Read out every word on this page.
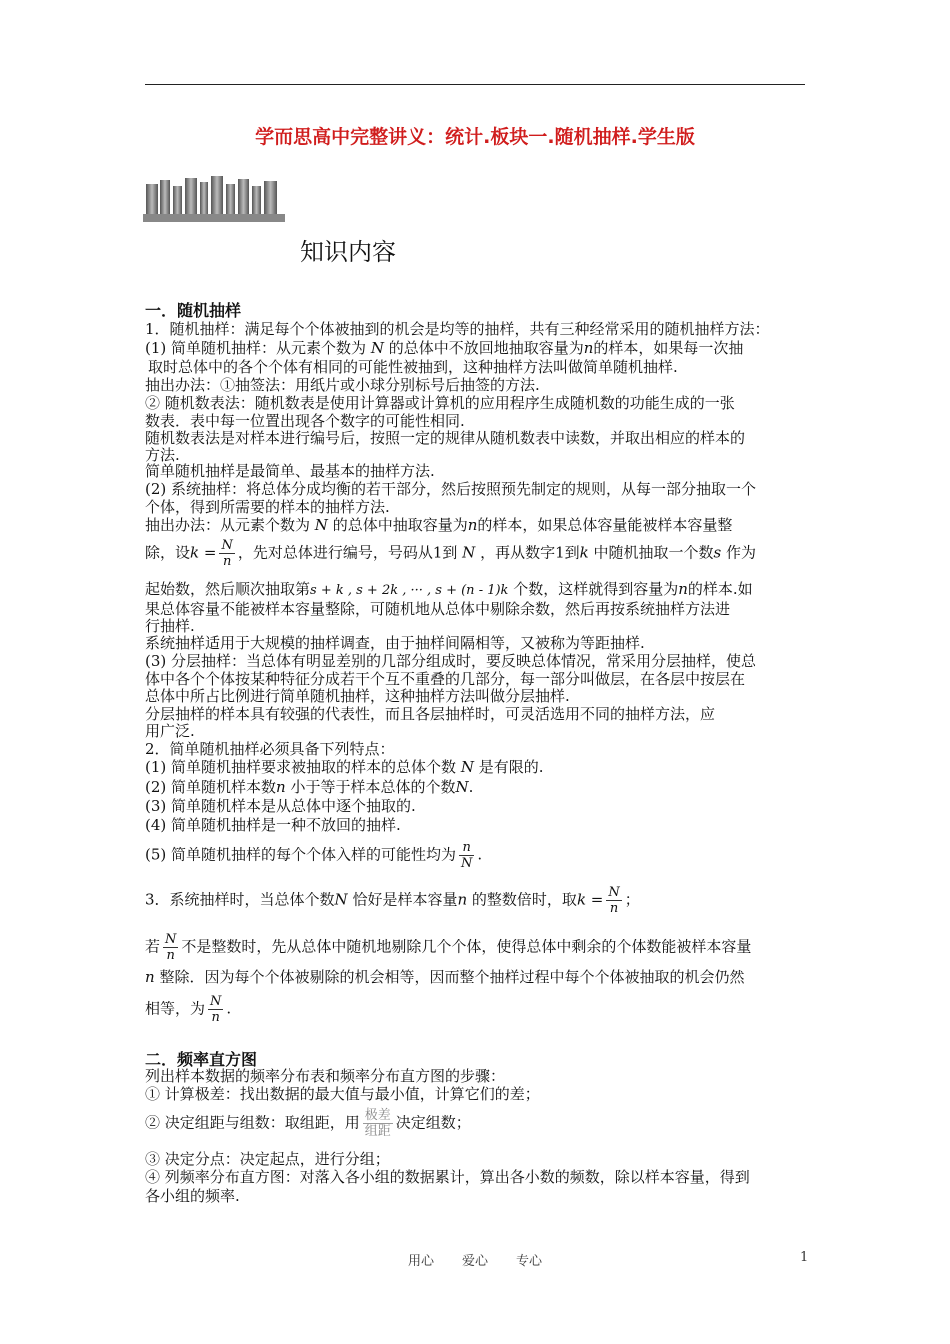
学而思高中完整讲义：统计.板块一.随机抽样.学生版
知识内容
一．随机抽样
1．随机抽样：满足每个个体被抽到的机会是均等的抽样，共有三种经常采用的随机抽样方法：
(1) 简单随机抽样：从元素个数为 N 的总体中不放回地抽取容量为n的样本，如果每一次抽
取时总体中的各个个体有相同的可能性被抽到，这种抽样方法叫做简单随机抽样.
抽出办法：①抽签法：用纸片或小球分别标号后抽签的方法.
② 随机数表法：随机数表是使用计算器或计算机的应用程序生成随机数的功能生成的一张
数表．表中每一位置出现各个数字的可能性相同.
随机数表法是对样本进行编号后，按照一定的规律从随机数表中读数，并取出相应的样本的
方法.
简单随机抽样是最简单、最基本的抽样方法.
(2) 系统抽样：将总体分成均衡的若干部分，然后按照预先制定的规则，从每一部分抽取一个
个体，得到所需要的样本的抽样方法.
抽出办法：从元素个数为 N 的总体中抽取容量为n的样本，如果总体容量能被样本容量整
除，设$k = \frac{N}{n}$ ，先对总体进行编号，号码从1到 N ，再从数字1到k 中随机抽取一个数s 作为
起始数，然后顺次抽取第s + k , s + 2k , ··· , s + (n - 1)k 个数，这样就得到容量为n的样本.如
果总体容量不能被样本容量整除，可随机地从总体中剔除余数，然后再按系统抽样方法进
行抽样.
系统抽样适用于大规模的抽样调查，由于抽样间隔相等，又被称为等距抽样.
(3) 分层抽样：当总体有明显差别的几部分组成时，要反映总体情况，常采用分层抽样，使总
体中各个个体按某种特征分成若干个互不重叠的几部分，每一部分叫做层，在各层中按层在
总体中所占比例进行简单随机抽样，这种抽样方法叫做分层抽样.
分层抽样的样本具有较强的代表性，而且各层抽样时，可灵活选用不同的抽样方法，应
用广泛.
2．简单随机抽样必须具备下列特点：
(1) 简单随机抽样要求被抽取的样本的总体个数 N 是有限的.
(2) 简单随机样本数n 小于等于样本总体的个数N.
(3) 简单随机样本是从总体中逐个抽取的.
(4) 简单随机抽样是一种不放回的抽样.
(5) 简单随机抽样的每个个体入样的可能性均为 $\frac{n}{N}$ .
3．系统抽样时，当总体个数N 恰好是样本容量n 的整数倍时，取$k = \frac{N}{n}$ ；
若 $\frac{N}{n}$ 不是整数时，先从总体中随机地剔除几个个体，使得总体中剩余的个体数能被样本容量
n 整除．因为每个个体被剔除的机会相等，因而整个抽样过程中每个个体被抽取的机会仍然
相等，为 $\frac{N}{n}$ .
二．频率直方图
列出样本数据的频率分布表和频率分布直方图的步骤：
① 计算极差：找出数据的最大值与最小值，计算它们的差；
② 决定组距与组数：取组距，用 $\frac{\text{极差}}{\text{组距}}$ 决定组数；
③ 决定分点：决定起点，进行分组；
④ 列频率分布直方图：对落入各小组的数据累计，算出各小数的频数，除以样本容量，得到
各小组的频率.
用心 爱心 专心	1
